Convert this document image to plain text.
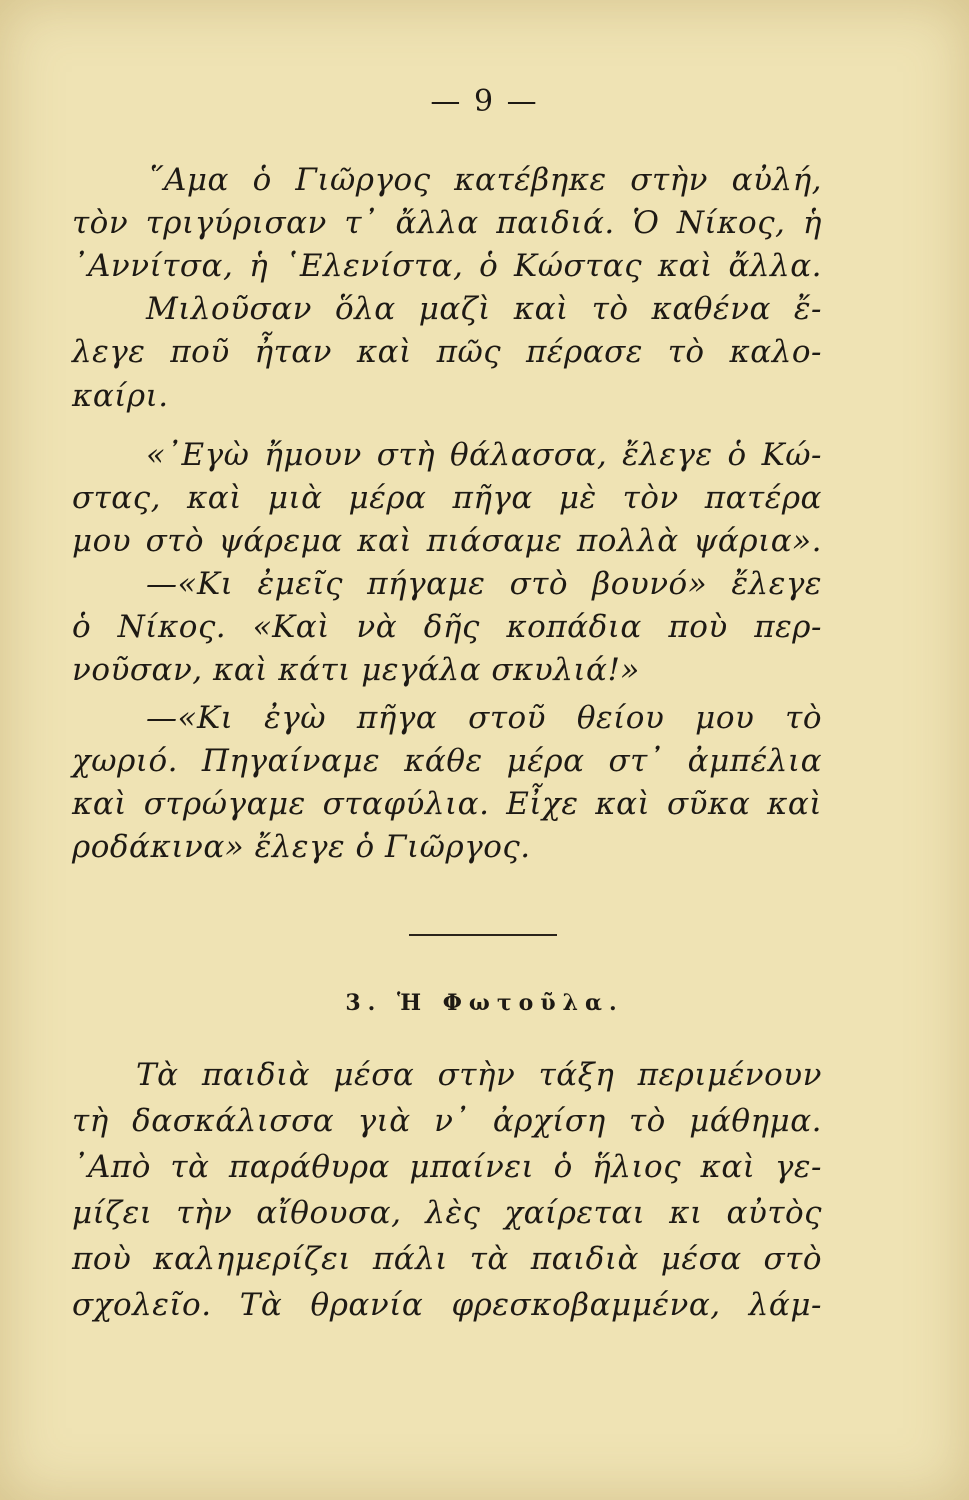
— 9 —
῞Αμα ὁ Γιῶργος κατέβηκε στὴν αὐλή,
τὸν τριγύρισαν τ᾽ ἄλλα παιδιά. Ὁ Νίκος, ἡ
᾽Αννίτσα, ἡ ῾Ελενίστα, ὁ Κώστας καὶ ἄλλα.
Μιλοῦσαν ὅλα μαζὶ καὶ τὸ καθένα ἔ-
λεγε ποῦ ἦταν καὶ πῶς πέρασε τὸ καλο-
καίρι.
«᾽Εγὼ ἤμουν στὴ θάλασσα, ἔλεγε ὁ Κώ-
στας, καὶ μιὰ μέρα πῆγα μὲ τὸν πατέρα
μου στὸ ψάρεμα καὶ πιάσαμε πολλὰ ψάρια».
—«Κι ἐμεῖς πήγαμε στὸ βουνό» ἔλεγε
ὁ Νίκος. «Καὶ νὰ δῆς κοπάδια ποὺ περ-
νοῦσαν, καὶ κάτι μεγάλα σκυλιά!»
—«Κι ἐγὼ πῆγα στοῦ θείου μου τὸ
χωριό. Πηγαίναμε κάθε μέρα στ᾽ ἀμπέλια
καὶ στρώγαμε σταφύλια. Εἶχε καὶ σῦκα καὶ
ροδάκινα» ἔλεγε ὁ Γιῶργος.
3. Ἡ Φωτοῦλα.
Τὰ παιδιὰ μέσα στὴν τάξη περιμένουν
τὴ δασκάλισσα γιὰ ν᾽ ἀρχίση τὸ μάθημα.
᾽Απὸ τὰ παράθυρα μπαίνει ὁ ἥλιος καὶ γε-
μίζει τὴν αἴθουσα, λὲς χαίρεται κι αὐτὸς
ποὺ καλημερίζει πάλι τὰ παιδιὰ μέσα στὸ
σχολεῖο. Τὰ θρανία φρεσκοβαμμένα, λάμ-
